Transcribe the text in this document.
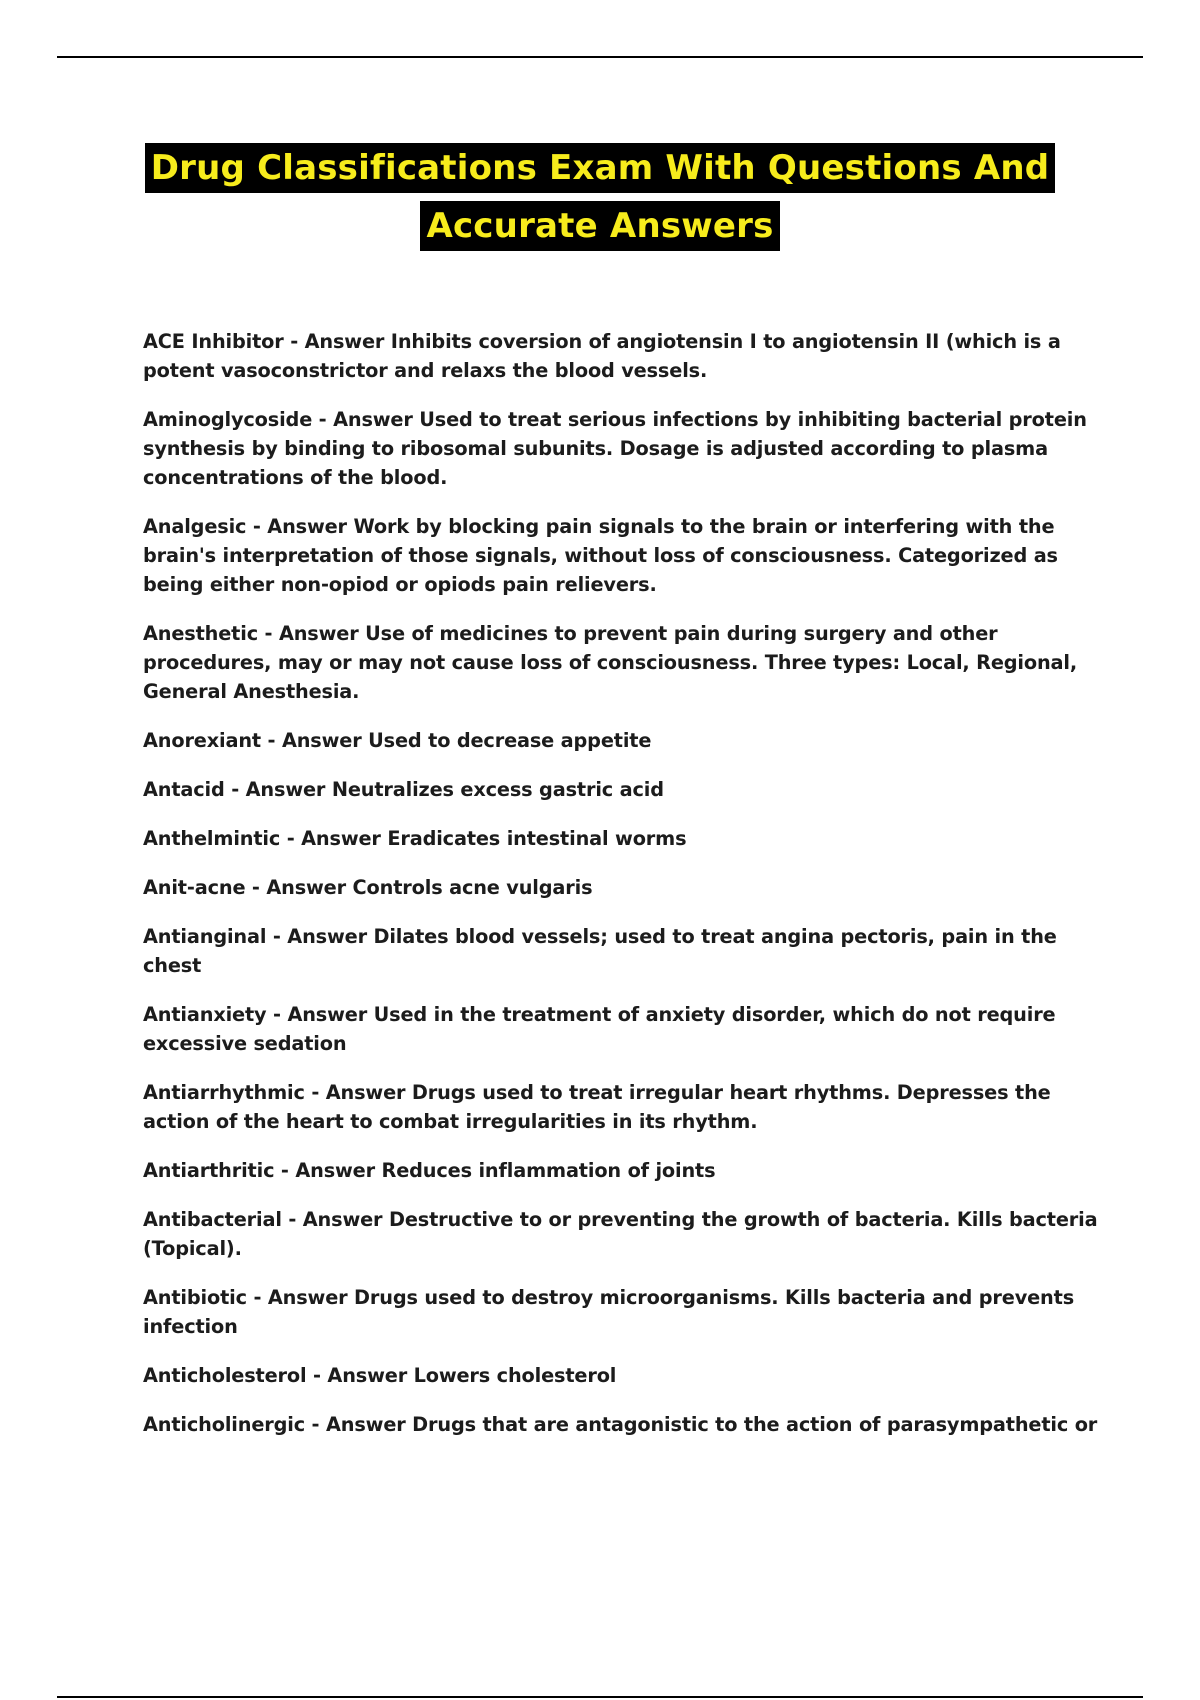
Drug Classifications Exam With Questions And
Accurate Answers

ACE Inhibitor - Answer Inhibits coversion of angiotensin I to angiotensin II (which is a potent vasoconstrictor and relaxs the blood vessels.

Aminoglycoside - Answer Used to treat serious infections by inhibiting bacterial protein synthesis by binding to ribosomal subunits. Dosage is adjusted according to plasma concentrations of the blood.

Analgesic - Answer Work by blocking pain signals to the brain or interfering with the brain's interpretation of those signals, without loss of consciousness. Categorized as being either non-opiod or opiods pain relievers.

Anesthetic - Answer Use of medicines to prevent pain during surgery and other procedures, may or may not cause loss of consciousness. Three types: Local, Regional, General Anesthesia.

Anorexiant - Answer Used to decrease appetite

Antacid - Answer Neutralizes excess gastric acid

Anthelmintic - Answer Eradicates intestinal worms

Anit-acne - Answer Controls acne vulgaris

Antianginal - Answer Dilates blood vessels; used to treat angina pectoris, pain in the chest

Antianxiety - Answer Used in the treatment of anxiety disorder, which do not require excessive sedation

Antiarrhythmic - Answer Drugs used to treat irregular heart rhythms. Depresses the action of the heart to combat irregularities in its rhythm.

Antiarthritic - Answer Reduces inflammation of joints

Antibacterial - Answer Destructive to or preventing the growth of bacteria. Kills bacteria (Topical).

Antibiotic - Answer Drugs used to destroy microorganisms. Kills bacteria and prevents infection

Anticholesterol - Answer Lowers cholesterol

Anticholinergic - Answer Drugs that are antagonistic to the action of parasympathetic or
